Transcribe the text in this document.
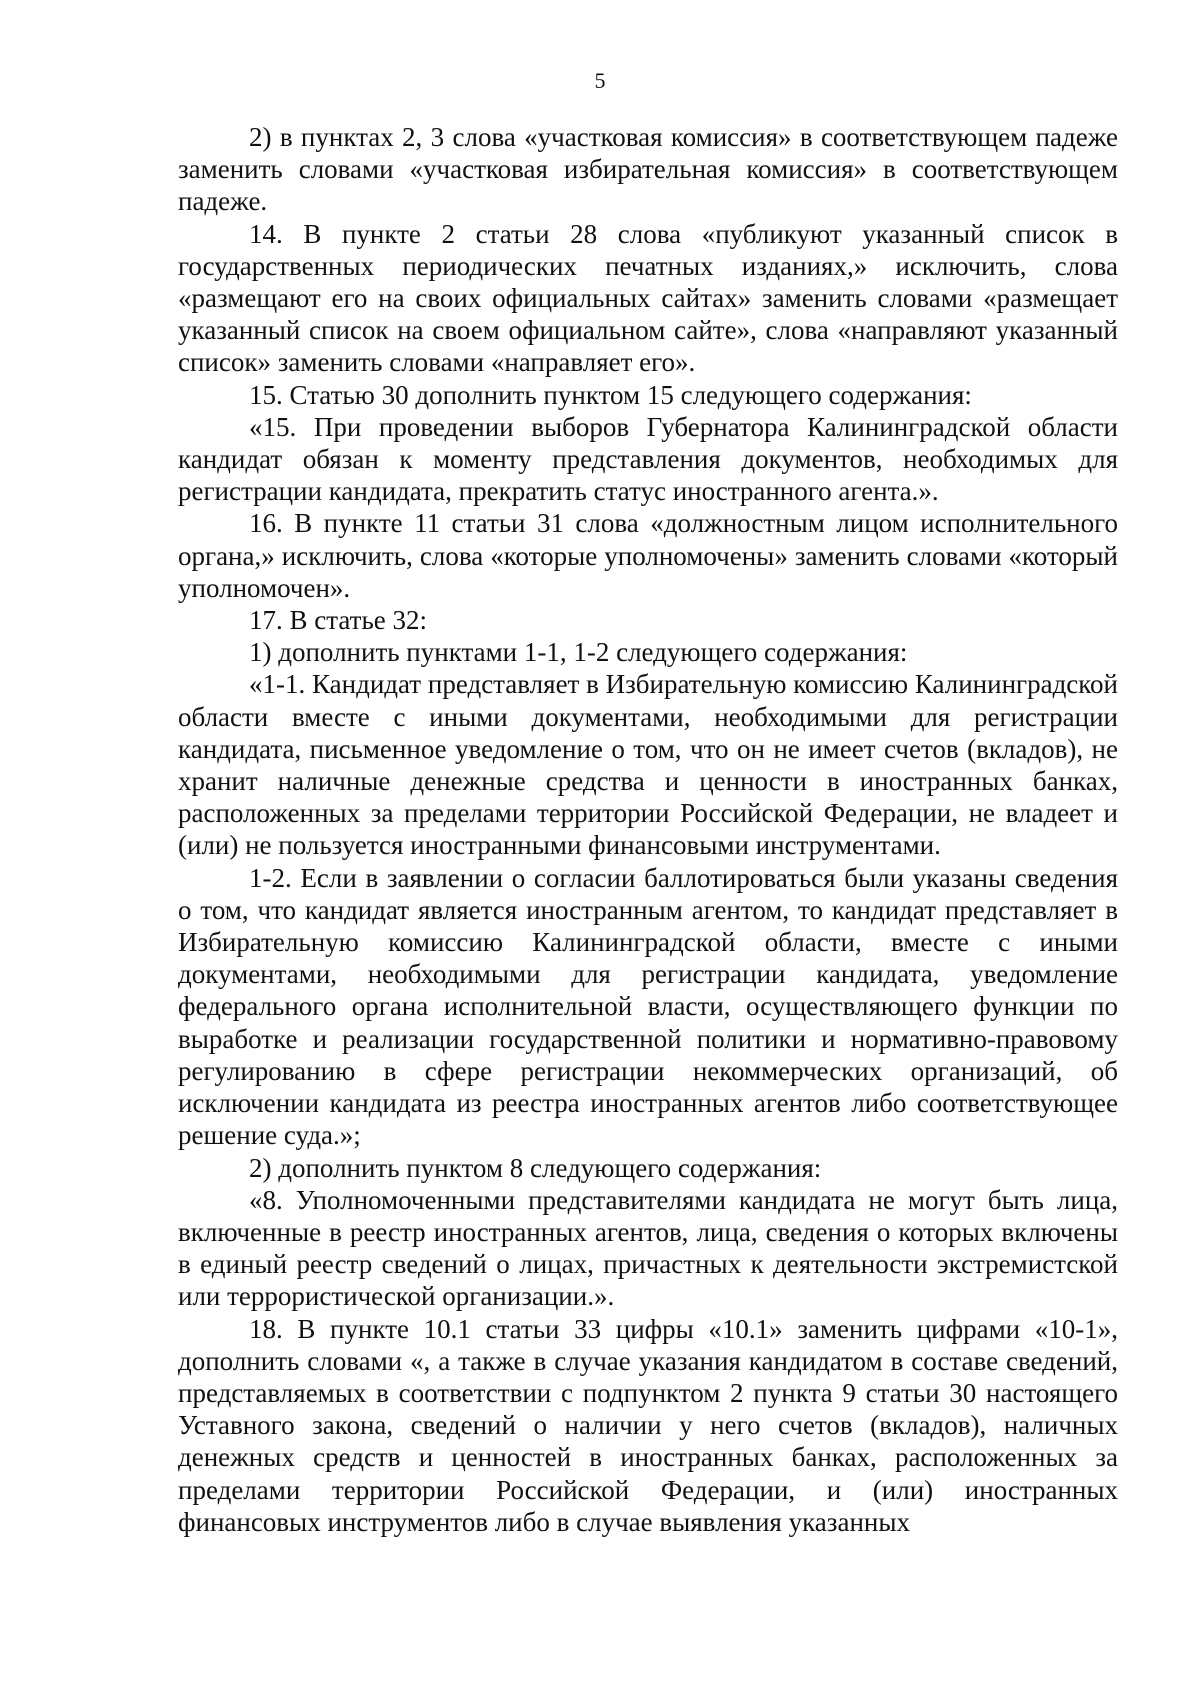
5

2) в пунктах 2, 3 слова «участковая комиссия» в соответствующем падеже заменить словами «участковая избирательная комиссия» в соответствующем падеже.

14. В пункте 2 статьи 28 слова «публикуют указанный список в государственных периодических печатных изданиях,» исключить, слова «размещают его на своих официальных сайтах» заменить словами «размещает указанный список на своем официальном сайте», слова «направляют указанный список» заменить словами «направляет его».

15. Статью 30 дополнить пунктом 15 следующего содержания:

«15. При проведении выборов Губернатора Калининградской области кандидат обязан к моменту представления документов, необходимых для регистрации кандидата, прекратить статус иностранного агента.».

16. В пункте 11 статьи 31 слова «должностным лицом исполнительного органа,» исключить, слова «которые уполномочены» заменить словами «который уполномочен».

17. В статье 32:

1) дополнить пунктами 1-1, 1-2 следующего содержания:

«1-1. Кандидат представляет в Избирательную комиссию Калининградской области вместе с иными документами, необходимыми для регистрации кандидата, письменное уведомление о том, что он не имеет счетов (вкладов), не хранит наличные денежные средства и ценности в иностранных банках, расположенных за пределами территории Российской Федерации, не владеет и (или) не пользуется иностранными финансовыми инструментами.

1-2. Если в заявлении о согласии баллотироваться были указаны сведения о том, что кандидат является иностранным агентом, то кандидат представляет в Избирательную комиссию Калининградской области, вместе с иными документами, необходимыми для регистрации кандидата, уведомление федерального органа исполнительной власти, осуществляющего функции по выработке и реализации государственной политики и нормативно-правовому регулированию в сфере регистрации некоммерческих организаций, об исключении кандидата из реестра иностранных агентов либо соответствующее решение суда.»;

2) дополнить пунктом 8 следующего содержания:

«8. Уполномоченными представителями кандидата не могут быть лица, включенные в реестр иностранных агентов, лица, сведения о которых включены в единый реестр сведений о лицах, причастных к деятельности экстремистской или террористической организации.».

18. В пункте 10.1 статьи 33 цифры «10.1» заменить цифрами «10-1», дополнить словами «, а также в случае указания кандидатом в составе сведений, представляемых в соответствии с подпунктом 2 пункта 9 статьи 30 настоящего Уставного закона, сведений о наличии у него счетов (вкладов), наличных денежных средств и ценностей в иностранных банках, расположенных за пределами территории Российской Федерации, и (или) иностранных финансовых инструментов либо в случае выявления указанных
